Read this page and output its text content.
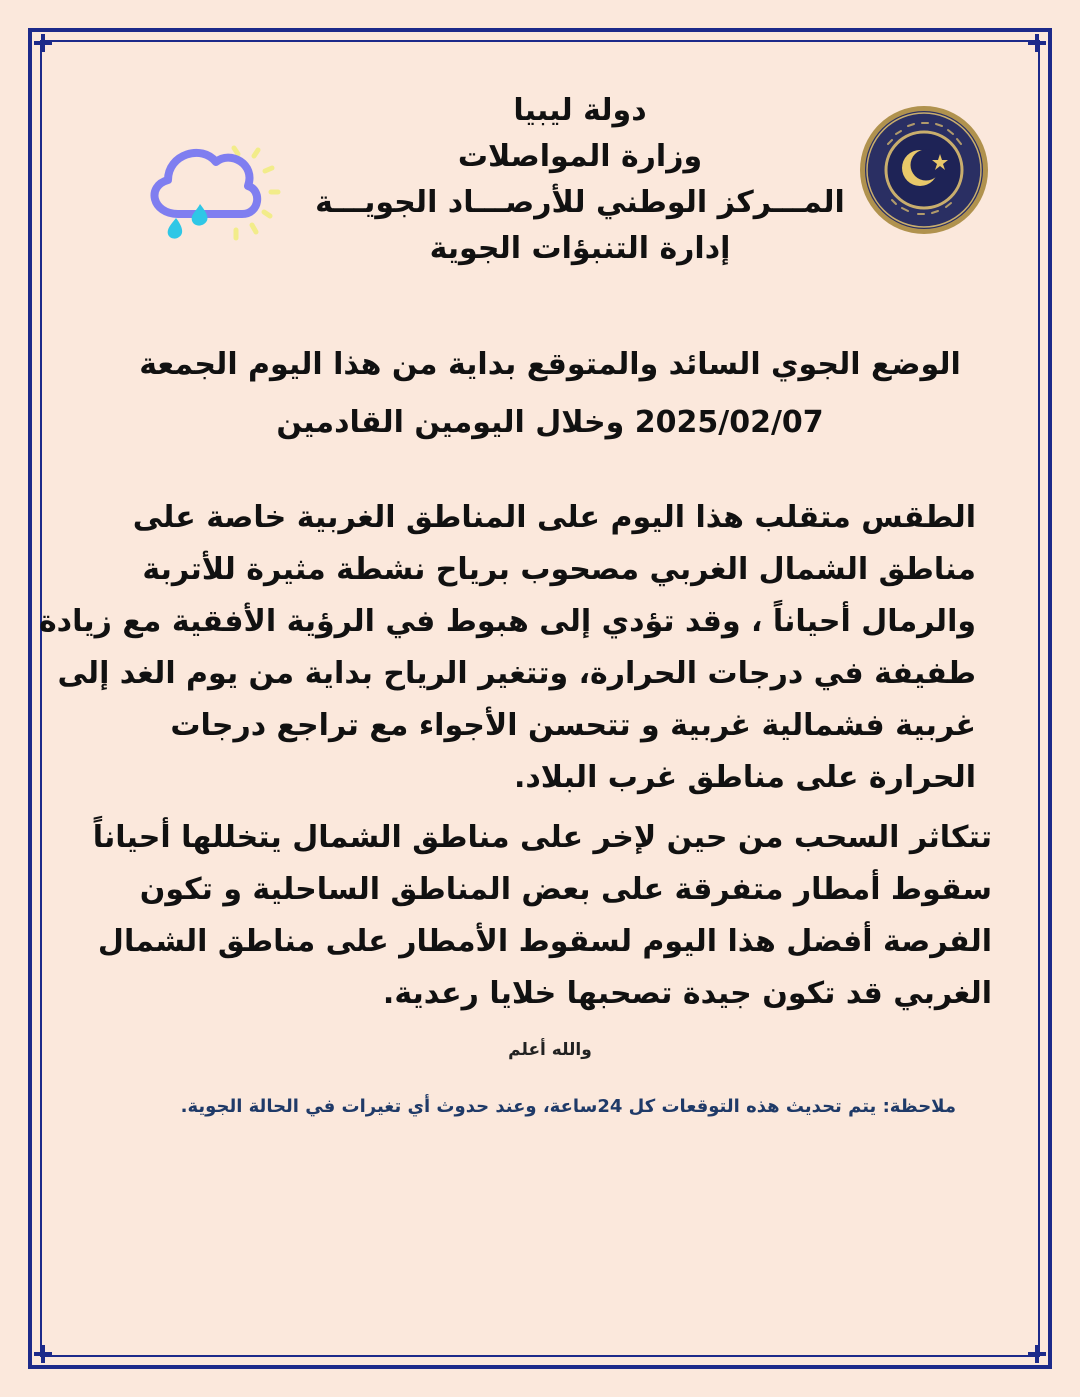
دولة ليبيا
وزارة المواصلات
المـــركز الوطني للأرصـــاد الجويـــة
إدارة التنبؤات الجوية
الوضع الجوي السائد والمتوقع بداية من هذا اليوم الجمعة
2025/02/07 وخلال اليومين القادمين
الطقس متقلب هذا اليوم على المناطق الغربية خاصة على
مناطق الشمال الغربي مصحوب برياح نشطة مثيرة للأتربة
والرمال أحياناً ، وقد تؤدي إلى هبوط في الرؤية الأفقية مع زيادة
طفيفة في درجات الحرارة، وتتغير الرياح بداية من يوم الغد إلى
غربية فشمالية غربية و تتحسن الأجواء مع تراجع درجات
الحرارة على مناطق غرب البلاد.
تتكاثر السحب من حين لإخر على مناطق الشمال يتخللها أحياناً
سقوط أمطار متفرقة على بعض المناطق الساحلية و تكون
الفرصة أفضل هذا اليوم لسقوط الأمطار على مناطق الشمال
الغربي قد تكون جيدة تصحبها خلايا رعدية.
والله أعلم
ملاحظة: يتم تحديث هذه التوقعات كل 24ساعة، وعند حدوث أي تغيرات في الحالة الجوية.
